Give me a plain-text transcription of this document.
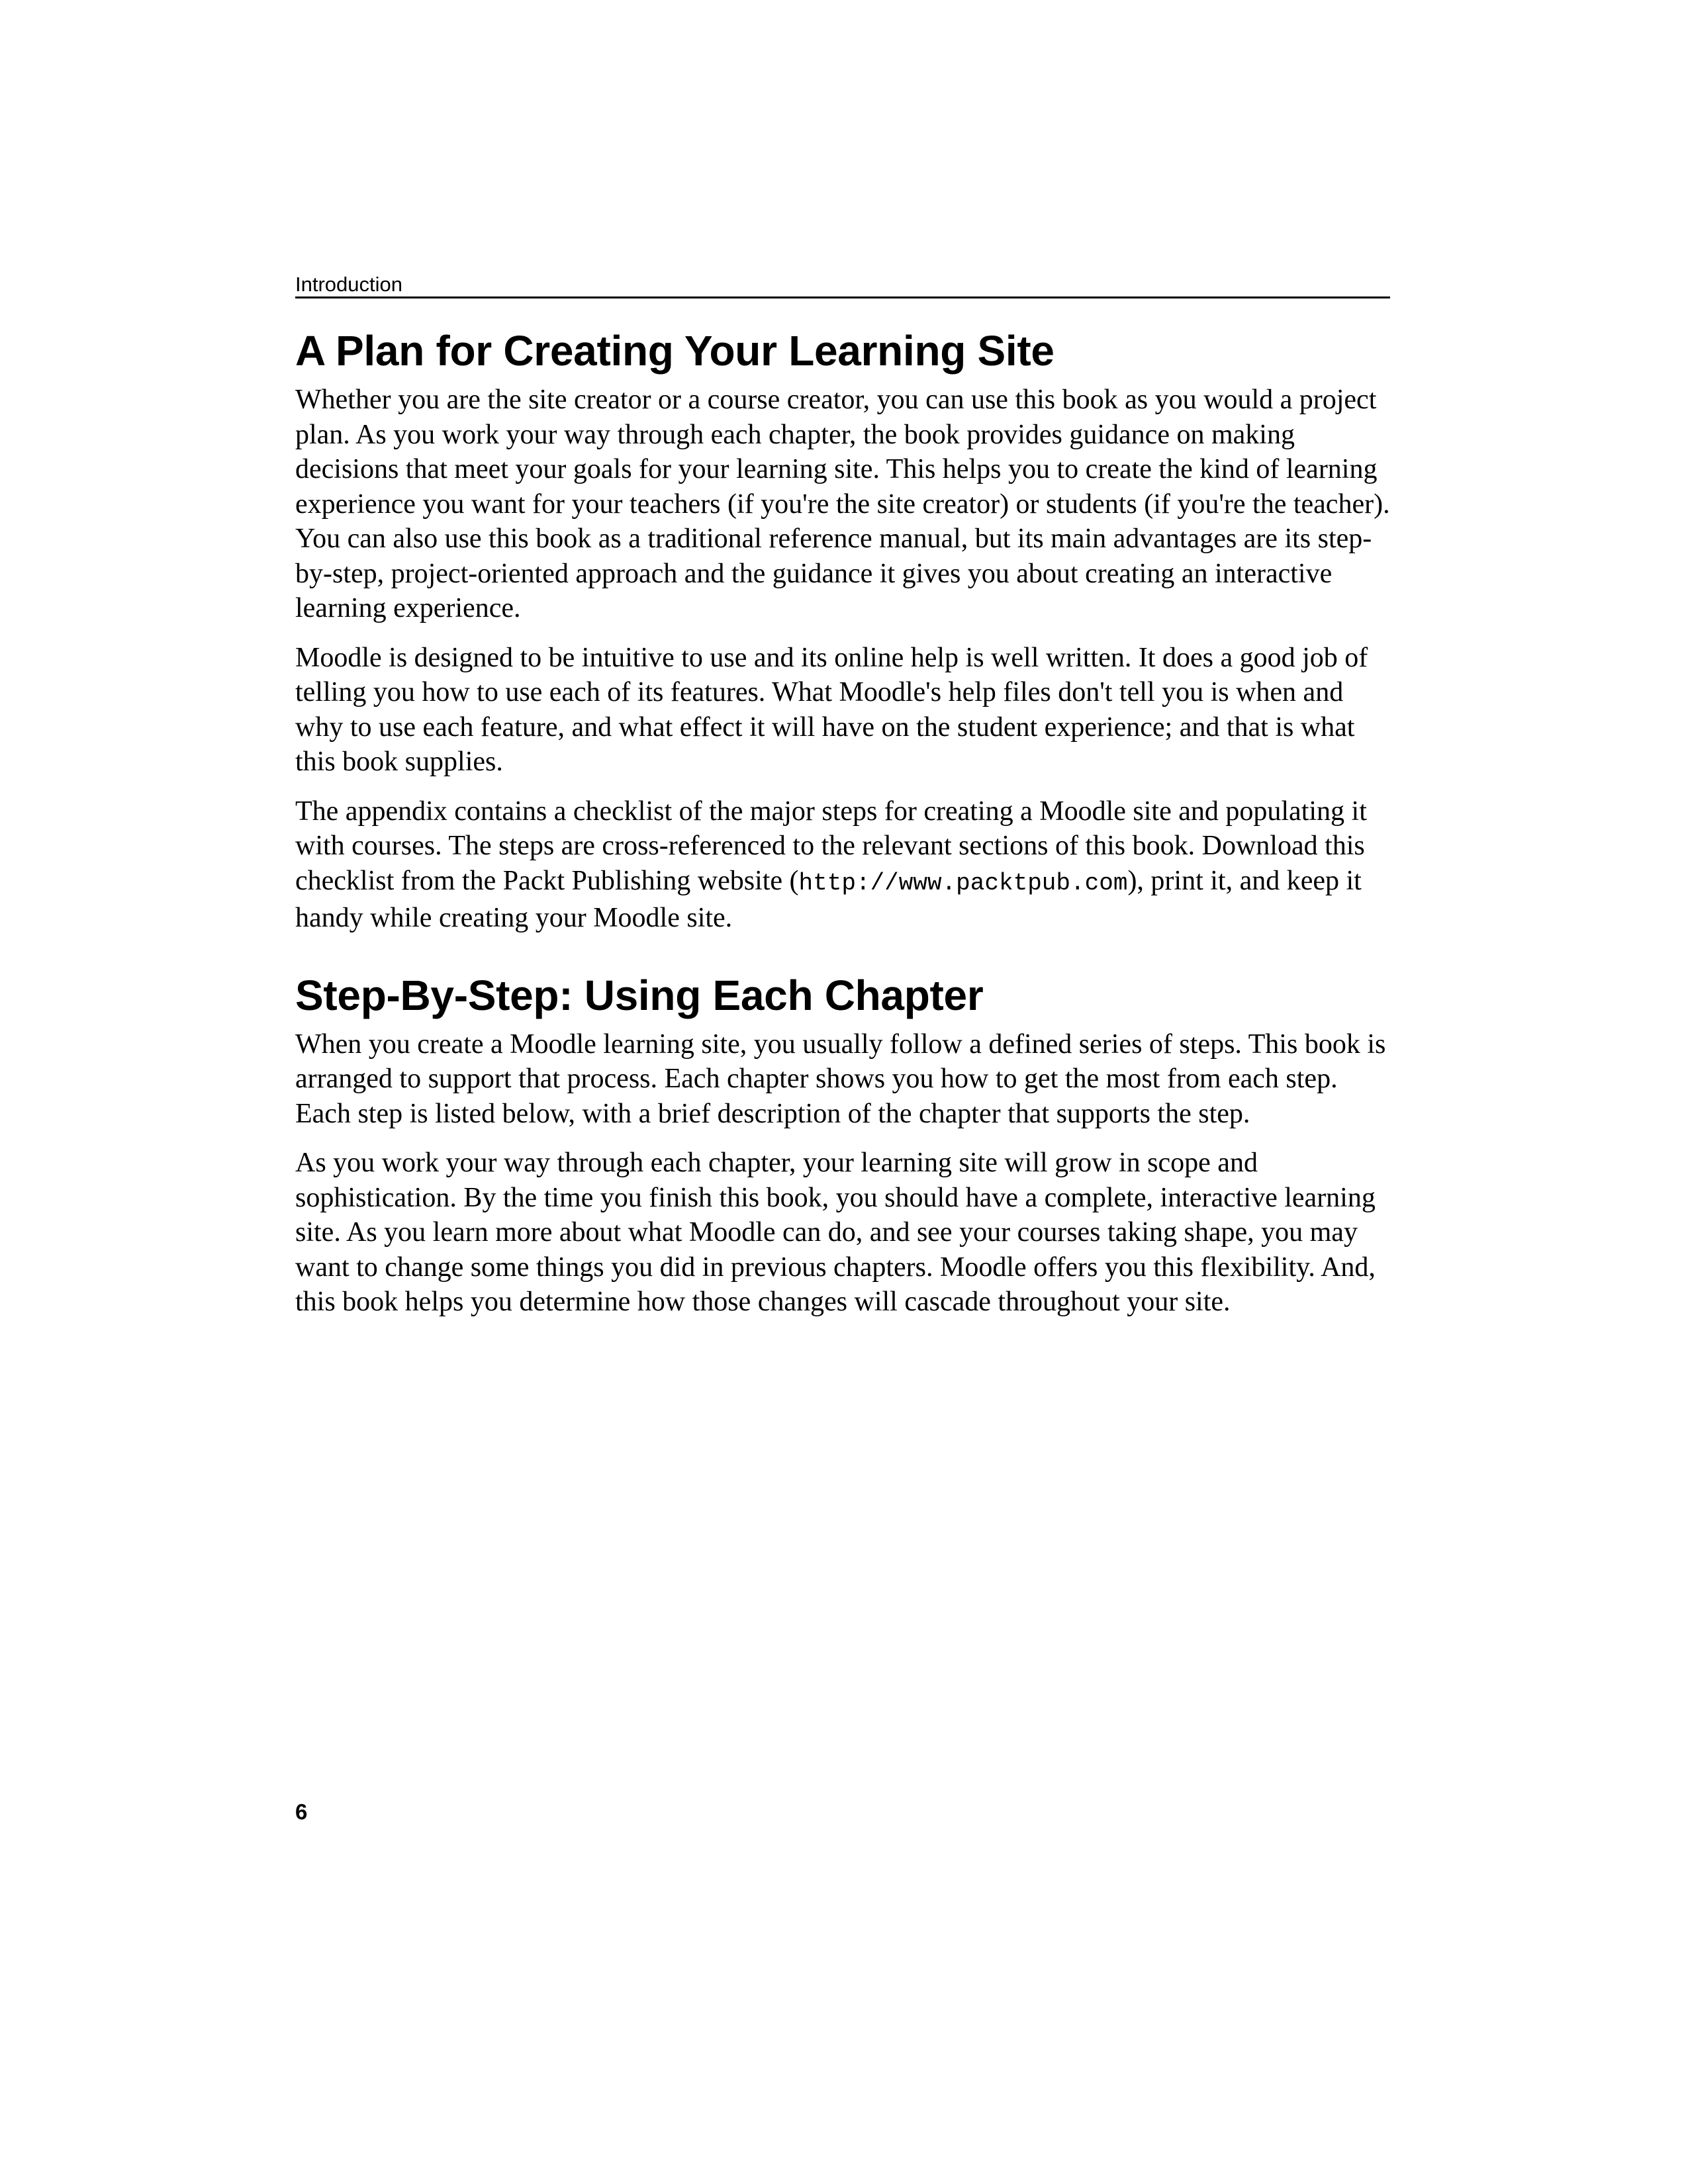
Introduction
A Plan for Creating Your Learning Site

Whether you are the site creator or a course creator, you can use this book as you would a project plan. As you work your way through each chapter, the book provides guidance on making decisions that meet your goals for your learning site. This helps you to create the kind of learning experience you want for your teachers (if you're the site creator) or students (if you're the teacher). You can also use this book as a traditional reference manual, but its main advantages are its step-by-step, project-oriented approach and the guidance it gives you about creating an interactive learning experience.

Moodle is designed to be intuitive to use and its online help is well written. It does a good job of telling you how to use each of its features. What Moodle's help files don't tell you is when and why to use each feature, and what effect it will have on the student experience; and that is what this book supplies.

The appendix contains a checklist of the major steps for creating a Moodle site and populating it with courses. The steps are cross-referenced to the relevant sections of this book. Download this checklist from the Packt Publishing website (http://www.packtpub.com), print it, and keep it handy while creating your Moodle site.

Step-By-Step: Using Each Chapter

When you create a Moodle learning site, you usually follow a defined series of steps. This book is arranged to support that process. Each chapter shows you how to get the most from each step. Each step is listed below, with a brief description of the chapter that supports the step.

As you work your way through each chapter, your learning site will grow in scope and sophistication. By the time you finish this book, you should have a complete, interactive learning site. As you learn more about what Moodle can do, and see your courses taking shape, you may want to change some things you did in previous chapters. Moodle offers you this flexibility. And, this book helps you determine how those changes will cascade throughout your site.

6
